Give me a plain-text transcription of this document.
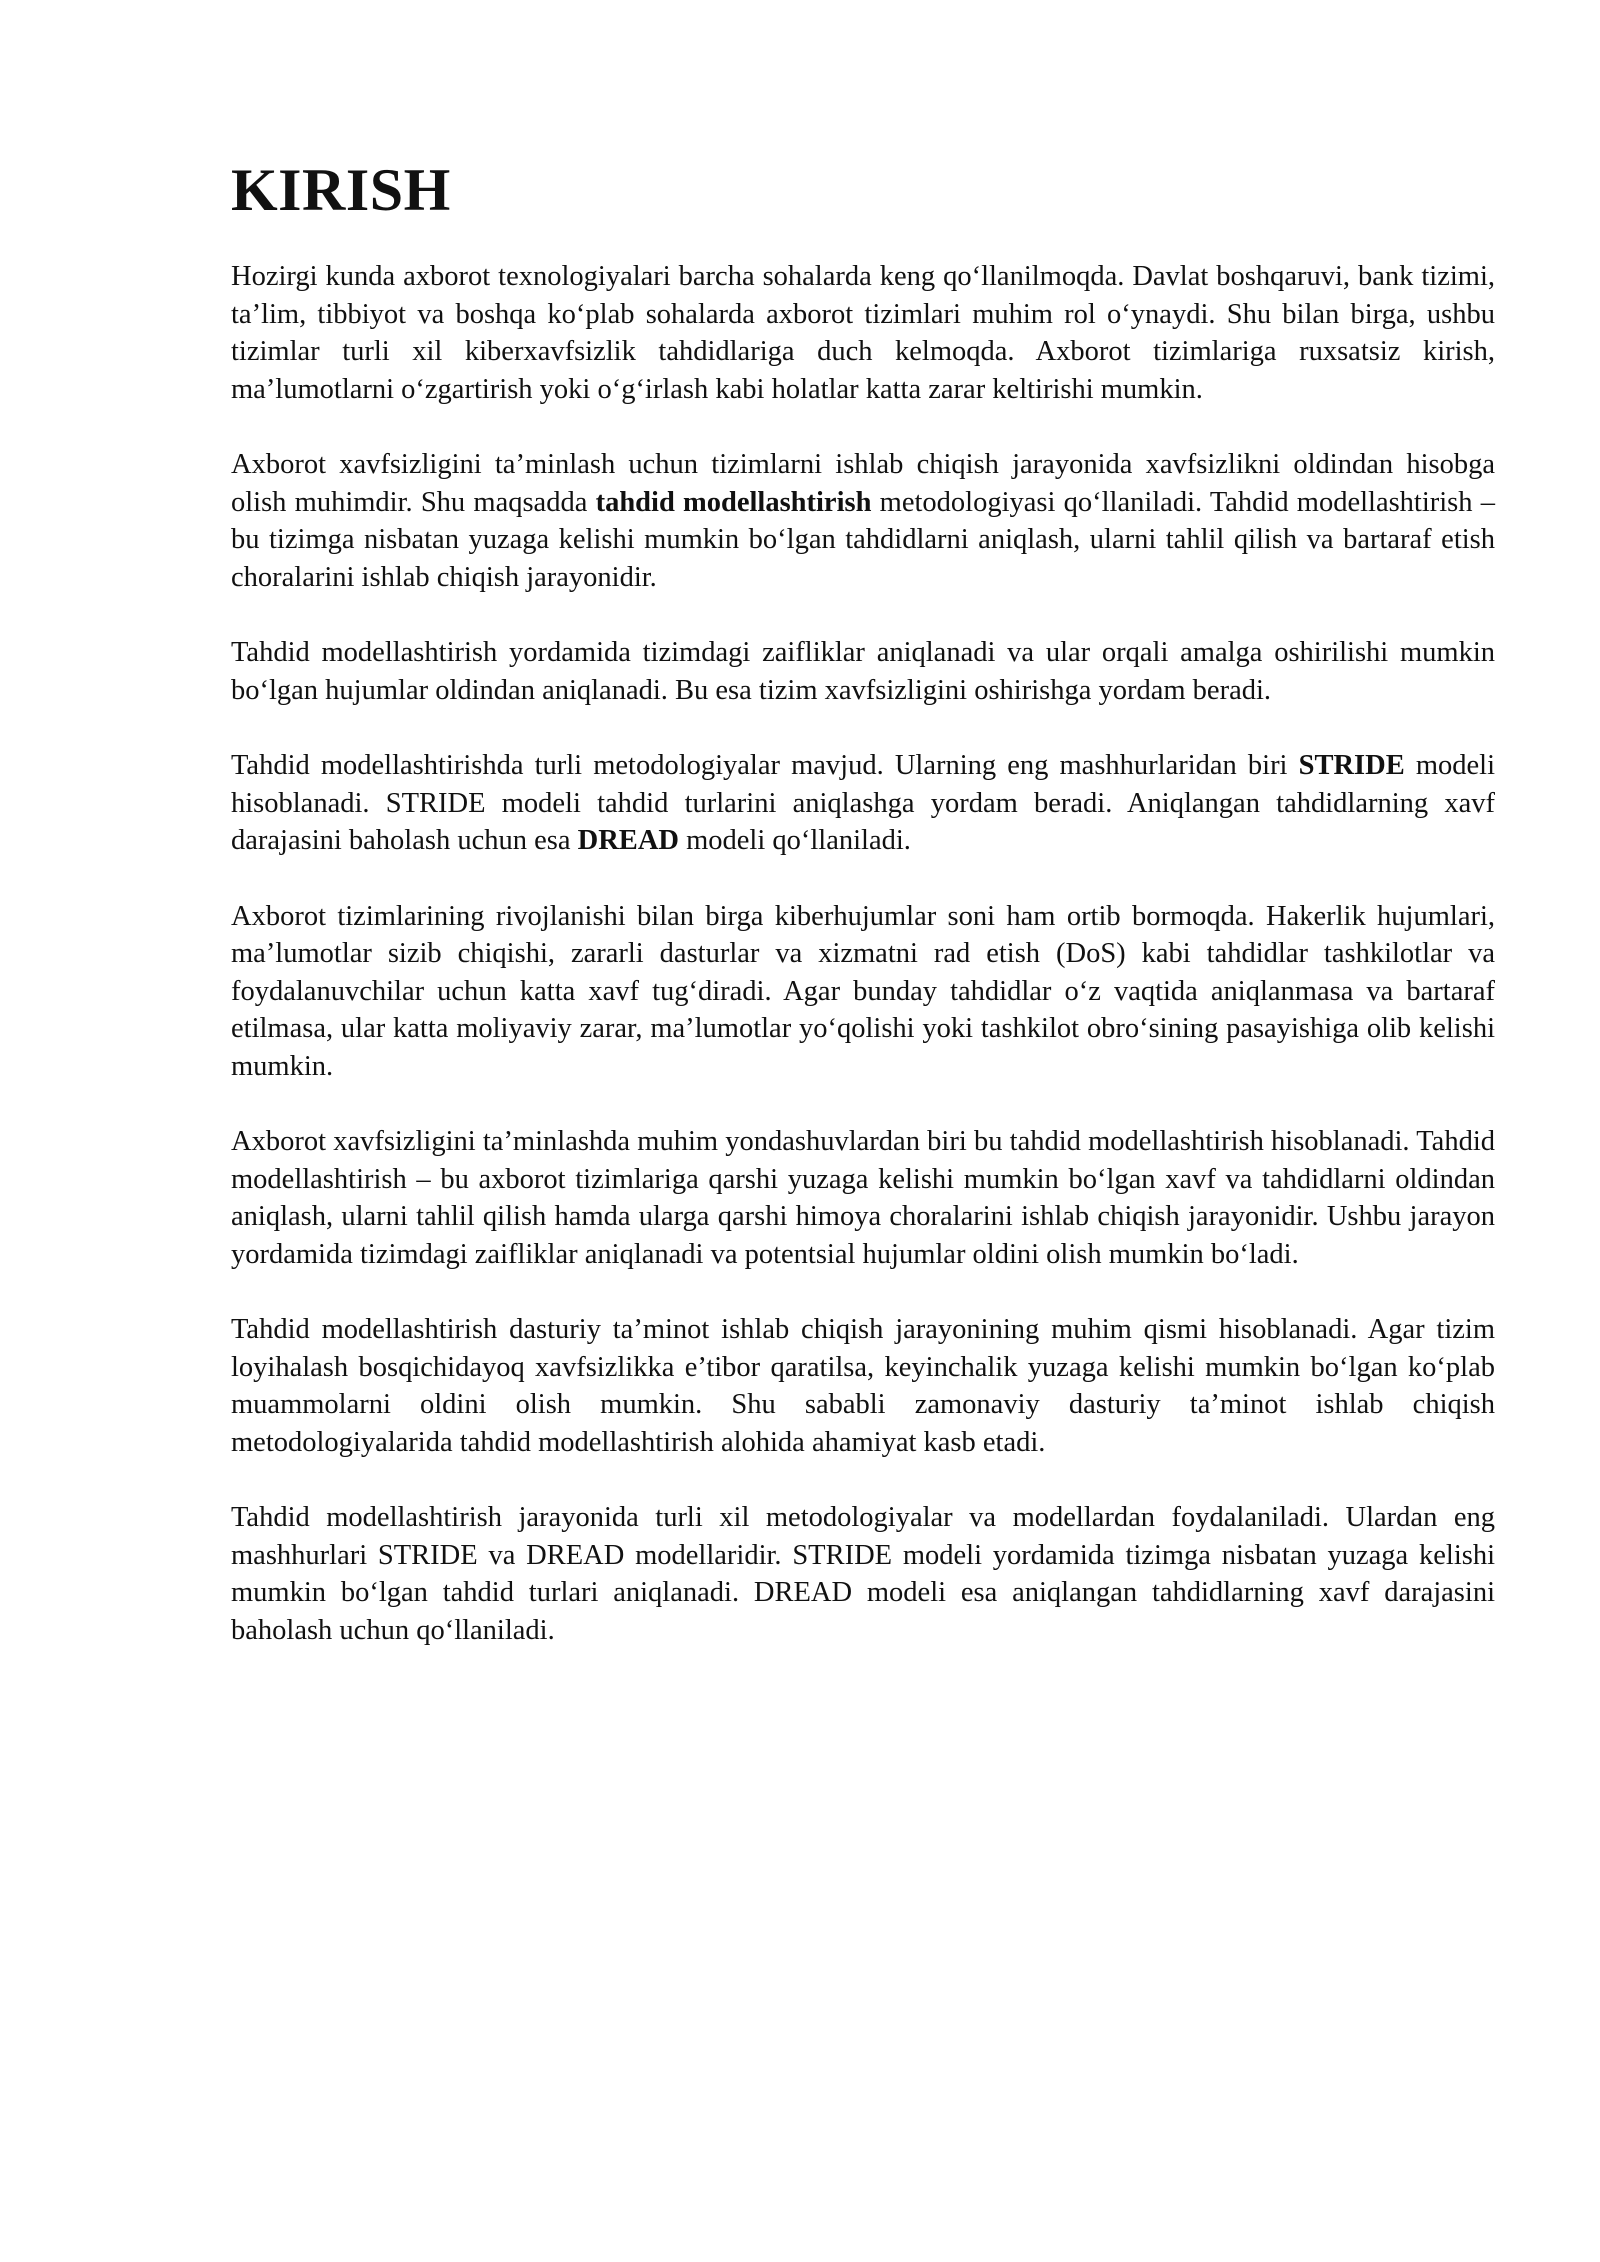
KIRISH

Hozirgi kunda axborot texnologiyalari barcha sohalarda keng qo‘llanilmoqda. Davlat boshqaruvi, bank tizimi, ta’lim, tibbiyot va boshqa ko‘plab sohalarda axborot tizimlari muhim rol o‘ynaydi. Shu bilan birga, ushbu tizimlar turli xil kiberxavfsizlik tahdidlariga duch kelmoqda. Axborot tizimlariga ruxsatsiz kirish, ma’lumotlarni o‘zgartirish yoki o‘g‘irlash kabi holatlar katta zarar keltirishi mumkin.

Axborot xavfsizligini ta’minlash uchun tizimlarni ishlab chiqish jarayonida xavfsizlikni oldindan hisobga olish muhimdir. Shu maqsadda tahdid modellashtirish metodologiyasi qo‘llaniladi. Tahdid modellashtirish – bu tizimga nisbatan yuzaga kelishi mumkin bo‘lgan tahdidlarni aniqlash, ularni tahlil qilish va bartaraf etish choralarini ishlab chiqish jarayonidir.

Tahdid modellashtirish yordamida tizimdagi zaifliklar aniqlanadi va ular orqali amalga oshirilishi mumkin bo‘lgan hujumlar oldindan aniqlanadi. Bu esa tizim xavfsizligini oshirishga yordam beradi.

Tahdid modellashtirishda turli metodologiyalar mavjud. Ularning eng mashhurlaridan biri STRIDE modeli hisoblanadi. STRIDE modeli tahdid turlarini aniqlashga yordam beradi. Aniqlangan tahdidlarning xavf darajasini baholash uchun esa DREAD modeli qo‘llaniladi.

Axborot tizimlarining rivojlanishi bilan birga kiberhujumlar soni ham ortib bormoqda. Hakerlik hujumlari, ma’lumotlar sizib chiqishi, zararli dasturlar va xizmatni rad etish (DoS) kabi tahdidlar tashkilotlar va foydalanuvchilar uchun katta xavf tug‘diradi. Agar bunday tahdidlar o‘z vaqtida aniqlanmasa va bartaraf etilmasa, ular katta moliyaviy zarar, ma’lumotlar yo‘qolishi yoki tashkilot obro‘sining pasayishiga olib kelishi mumkin.

Axborot xavfsizligini ta’minlashda muhim yondashuvlardan biri bu tahdid modellashtirish hisoblanadi. Tahdid modellashtirish – bu axborot tizimlariga qarshi yuzaga kelishi mumkin bo‘lgan xavf va tahdidlarni oldindan aniqlash, ularni tahlil qilish hamda ularga qarshi himoya choralarini ishlab chiqish jarayonidir. Ushbu jarayon yordamida tizimdagi zaifliklar aniqlanadi va potentsial hujumlar oldini olish mumkin bo‘ladi.

Tahdid modellashtirish dasturiy ta’minot ishlab chiqish jarayonining muhim qismi hisoblanadi. Agar tizim loyihalash bosqichidayoq xavfsizlikka e’tibor qaratilsa, keyinchalik yuzaga kelishi mumkin bo‘lgan ko‘plab muammolarni oldini olish mumkin. Shu sababli zamonaviy dasturiy ta’minot ishlab chiqish metodologiyalarida tahdid modellashtirish alohida ahamiyat kasb etadi.

Tahdid modellashtirish jarayonida turli xil metodologiyalar va modellardan foydalaniladi. Ulardan eng mashhurlari STRIDE va DREAD modellaridir. STRIDE modeli yordamida tizimga nisbatan yuzaga kelishi mumkin bo‘lgan tahdid turlari aniqlanadi. DREAD modeli esa aniqlangan tahdidlarning xavf darajasini baholash uchun qo‘llaniladi.
